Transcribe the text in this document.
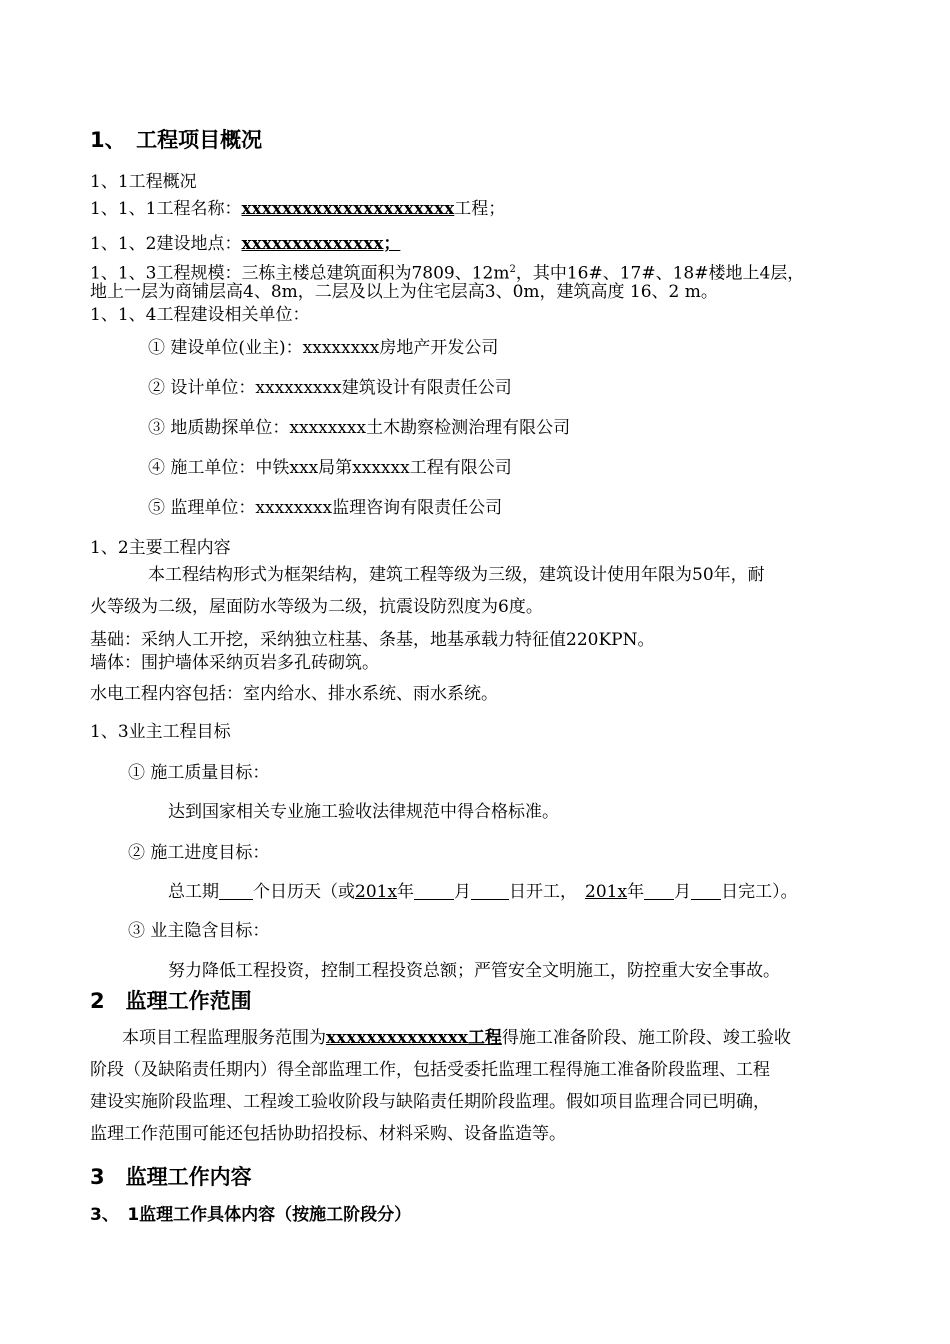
1、　工程项目概况
1、1工程概况
1、1、1工程名称：xxxxxxxxxxxxxxxxxxxxx工程；
1、1、2建设地点：xxxxxxxxxxxxxx；
1、1、3工程规模：三栋主楼总建筑面积为7809、$12m^2$，其中16#、17#、18#楼地上4层，
地上一层为商铺层高4、8m，二层及以上为住宅层高3、0m，建筑高度 16、2 m。
1、1、4工程建设相关单位：
① 建设单位(业主)：xxxxxxxx房地产开发公司
② 设计单位：xxxxxxxxx建筑设计有限责任公司
③ 地质勘探单位：xxxxxxxx土木勘察检测治理有限公司
④ 施工单位：中铁xxx局第xxxxxx工程有限公司
⑤ 监理单位：xxxxxxxx监理咨询有限责任公司
1、2主要工程内容
本工程结构形式为框架结构，建筑工程等级为三级，建筑设计使用年限为50年，耐
火等级为二级，屋面防水等级为二级，抗震设防烈度为6度。
基础：采纳人工开挖，采纳独立柱基、条基，地基承载力特征值220KPN。
墙体：围护墙体采纳页岩多孔砖砌筑。
水电工程内容包括：室内给水、排水系统、雨水系统。
1、3业主工程目标
① 施工质量目标：
达到国家相关专业施工验收法律规范中得合格标准。
② 施工进度目标：
总工期 个日历天（或201x年 月 日开工， 201x年 月 日完工）。
③ 业主隐含目标：
努力降低工程投资，控制工程投资总额；严管安全文明施工，防控重大安全事故。
2　监理工作范围
本项目工程监理服务范围为xxxxxxxxxxxxxx工程得施工准备阶段、施工阶段、竣工验收
阶段（及缺陷责任期内）得全部监理工作，包括受委托监理工程得施工准备阶段监理、工程
建设实施阶段监理、工程竣工验收阶段与缺陷责任期阶段监理。假如项目监理合同已明确，
监理工作范围可能还包括协助招投标、材料采购、设备监造等。
3　监理工作内容
3、　1监理工作具体内容（按施工阶段分）
